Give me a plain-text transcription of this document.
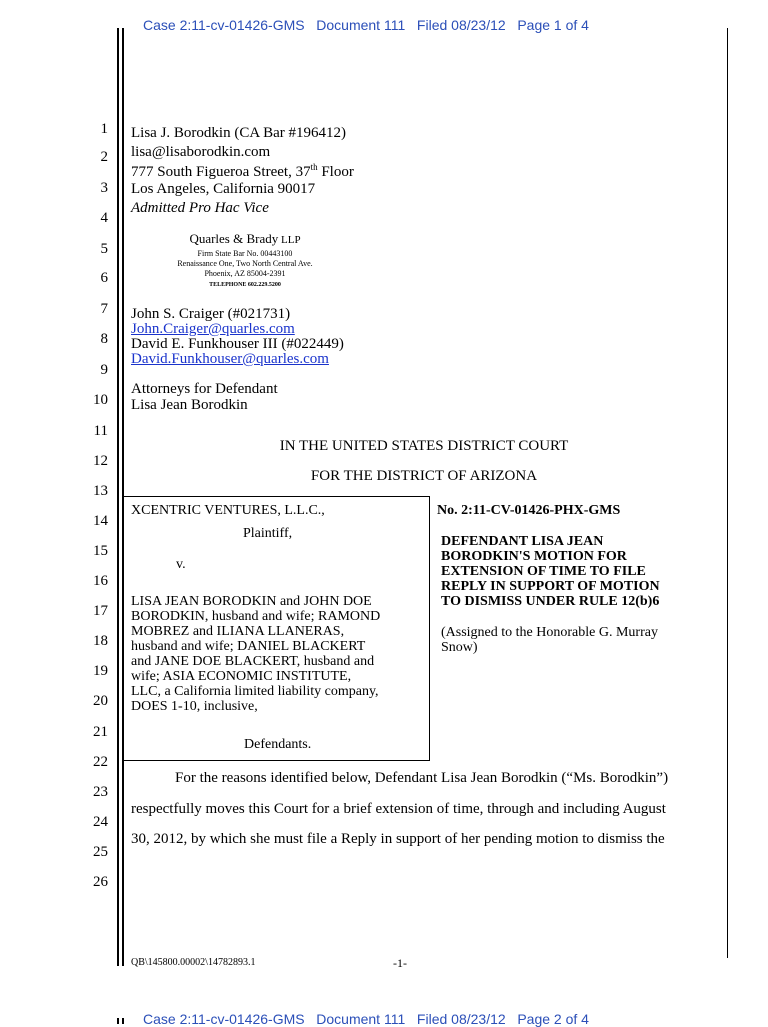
Case 2:11-cv-01426-GMS Document 111 Filed 08/23/12 Page 1 of 4
1
2
3
4
5
6
7
8
9
10
11
12
13
14
15
16
17
18
19
20
21
22
23
24
25
26
Lisa J. Borodkin (CA Bar #196412)
lisa@lisaborodkin.com
777 South Figueroa Street, 37th Floor
Los Angeles, California 90017
Admitted Pro Hac Vice
Quarles & Brady LLP
Firm State Bar No. 00443100
Renaissance One, Two North Central Ave.
Phoenix, AZ 85004-2391
TELEPHONE 602.229.5200
John S. Craiger (#021731)
John.Craiger@quarles.com
David E. Funkhouser III (#022449)
David.Funkhouser@quarles.com
Attorneys for Defendant
Lisa Jean Borodkin
IN THE UNITED STATES DISTRICT COURT
FOR THE DISTRICT OF ARIZONA
XCENTRIC VENTURES, L.L.C.,
Plaintiff,
v.
LISA JEAN BORODKIN and JOHN DOE
BORODKIN, husband and wife; RAMOND
MOBREZ and ILIANA LLANERAS,
husband and wife; DANIEL BLACKERT
and JANE DOE BLACKERT, husband and
wife; ASIA ECONOMIC INSTITUTE,
LLC, a California limited liability company,
DOES 1-10, inclusive,
Defendants.
No. 2:11-CV-01426-PHX-GMS
DEFENDANT LISA JEAN
BORODKIN'S MOTION FOR
EXTENSION OF TIME TO FILE
REPLY IN SUPPORT OF MOTION
TO DISMISS UNDER RULE 12(b)6
(Assigned to the Honorable G. Murray
Snow)
For the reasons identified below, Defendant Lisa Jean Borodkin (“Ms. Borodkin”)
respectfully moves this Court for a brief extension of time, through and including August
30, 2012, by which she must file a Reply in support of her pending motion to dismiss the
QB\145800.00002\14782893.1	-1-
Case 2:11-cv-01426-GMS Document 111 Filed 08/23/12 Page 2 of 4
